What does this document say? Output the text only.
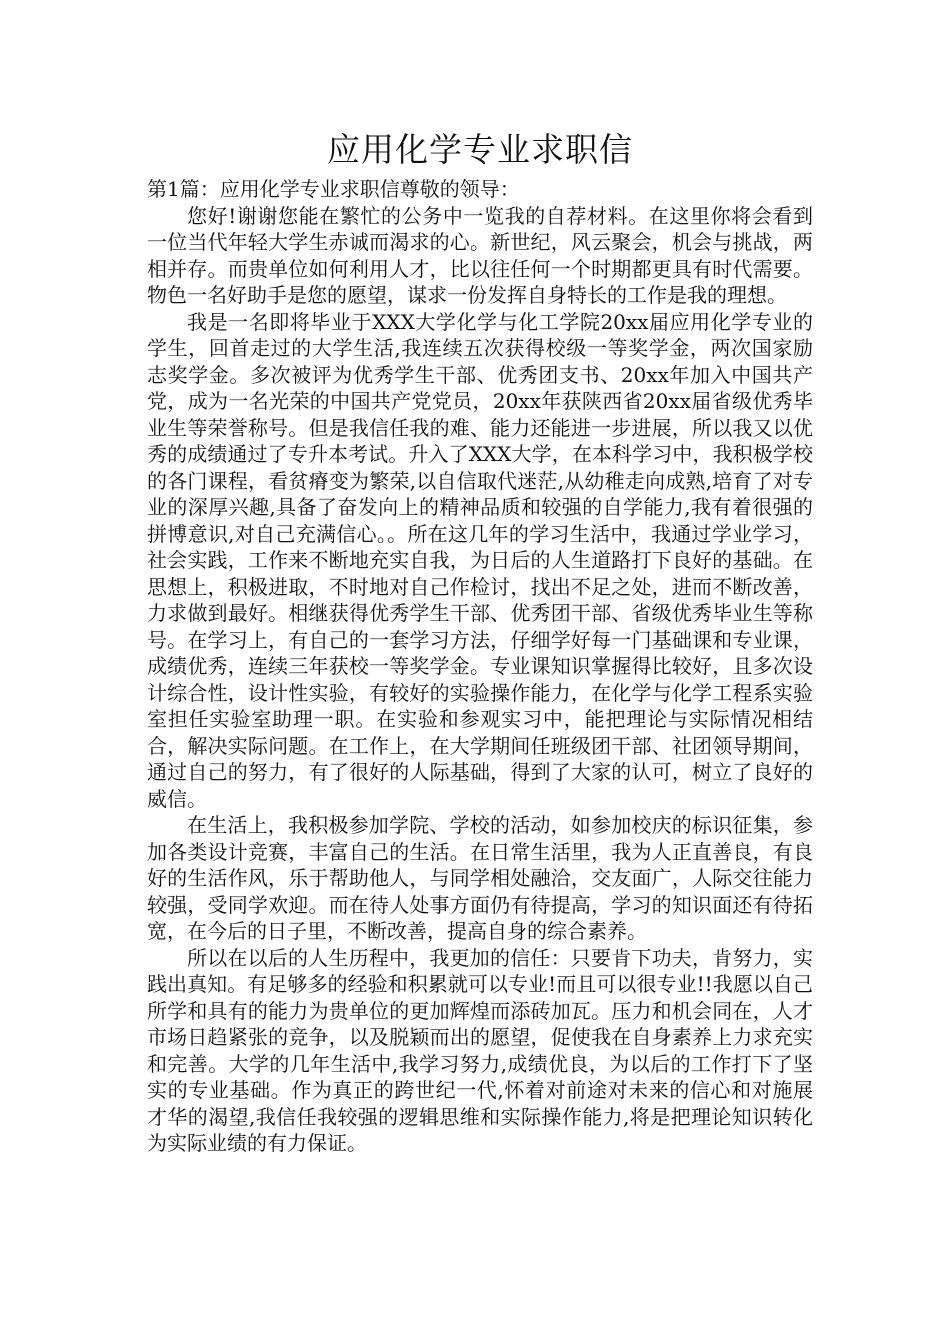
应用化学专业求职信

第1篇：应用化学专业求职信尊敬的领导：

您好!谢谢您能在繁忙的公务中一览我的自荐材料。在这里你将会看到一位当代年轻大学生赤诚而渴求的心。新世纪，风云聚会，机会与挑战，两相并存。而贵单位如何利用人才，比以往任何一个时期都更具有时代需要。物色一名好助手是您的愿望，谋求一份发挥自身特长的工作是我的理想。

我是一名即将毕业于XXX大学化学与化工学院20xx届应用化学专业的学生，回首走过的大学生活,我连续五次获得校级一等奖学金，两次国家励志奖学金。多次被评为优秀学生干部、优秀团支书、20xx年加入中国共产党，成为一名光荣的中国共产党党员，20xx年获陕西省20xx届省级优秀毕业生等荣誉称号。但是我信任我的难、能力还能进一步进展，所以我又以优秀的成绩通过了专升本考试。升入了XXX大学，在本科学习中，我积极学校的各门课程，看贫瘠变为繁荣,以自信取代迷茫,从幼稚走向成熟,培育了对专业的深厚兴趣,具备了奋发向上的精神品质和较强的自学能力,我有着很强的拼博意识,对自己充满信心。。所在这几年的学习生活中，我通过学业学习，社会实践，工作来不断地充实自我，为日后的人生道路打下良好的基础。在思想上，积极进取，不时地对自己作检讨，找出不足之处，进而不断改善，力求做到最好。相继获得优秀学生干部、优秀团干部、省级优秀毕业生等称号。在学习上，有自己的一套学习方法，仔细学好每一门基础课和专业课，成绩优秀，连续三年获校一等奖学金。专业课知识掌握得比较好，且多次设计综合性，设计性实验，有较好的实验操作能力，在化学与化学工程系实验室担任实验室助理一职。在实验和参观实习中，能把理论与实际情况相结合，解决实际问题。在工作上，在大学期间任班级团干部、社团领导期间，通过自己的努力，有了很好的人际基础，得到了大家的认可，树立了良好的威信。

在生活上，我积极参加学院、学校的活动，如参加校庆的标识征集，参加各类设计竞赛，丰富自己的生活。在日常生活里，我为人正直善良，有良好的生活作风，乐于帮助他人，与同学相处融洽，交友面广，人际交往能力较强，受同学欢迎。而在待人处事方面仍有待提高，学习的知识面还有待拓宽，在今后的日子里，不断改善，提高自身的综合素养。

所以在以后的人生历程中，我更加的信任：只要肯下功夫，肯努力，实践出真知。有足够多的经验和积累就可以专业!而且可以很专业!!我愿以自己所学和具有的能力为贵单位的更加辉煌而添砖加瓦。压力和机会同在，人才市场日趋紧张的竞争，以及脱颖而出的愿望，促使我在自身素养上力求充实和完善。大学的几年生活中,我学习努力,成绩优良，为以后的工作打下了坚实的专业基础。作为真正的跨世纪一代,怀着对前途对未来的信心和对施展才华的渴望,我信任我较强的逻辑思维和实际操作能力,将是把理论知识转化为实际业绩的有力保证。
